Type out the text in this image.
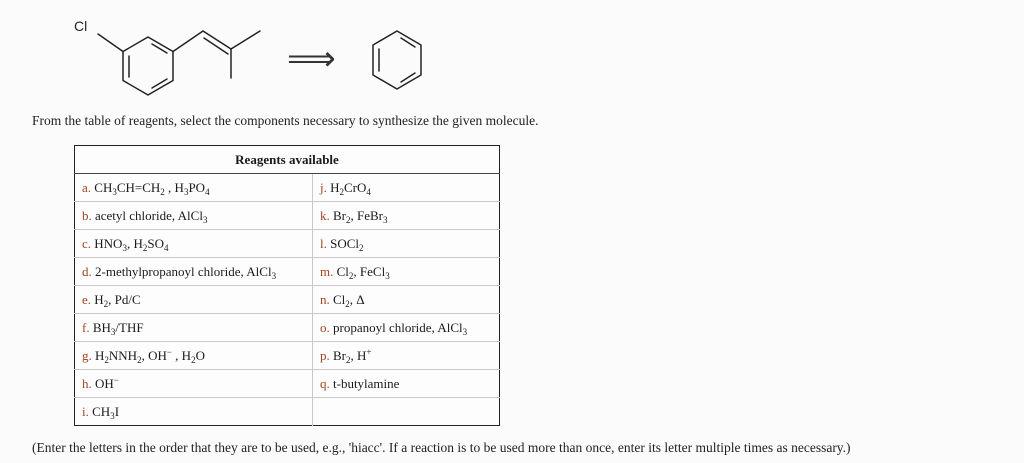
Cl
⟹
From the table of reagents, select the components necessary to synthesize the given molecule.
Reagents available	
a. $CH_3CH=CH_2$ , $H_3PO_4$	j. $H_2CrO_4$
b. acetyl chloride, AlCl$_3$	k. $Br_2$, FeBr$_3$
c. $HNO_3$, $H_2SO_4$	l. SOCl$_2$
d. 2-methylpropanoyl chloride, AlCl$_3$	m. $Cl_2$, FeCl$_3$
e. $H_2$, Pd/C	n. $Cl_2$, Δ
f. $BH_3$/THF	o. propanoyl chloride, AlCl$_3$
g. $H_2NNH_2$, OH− , $H_2O$	p. $Br_2$, H+
h. OH−	q. t-butylamine
i. $CH_3I$	
(Enter the letters in the order that they are to be used, e.g., 'hiacc'. If a reaction is to be used more than once, enter its letter multiple times as necessary.)
